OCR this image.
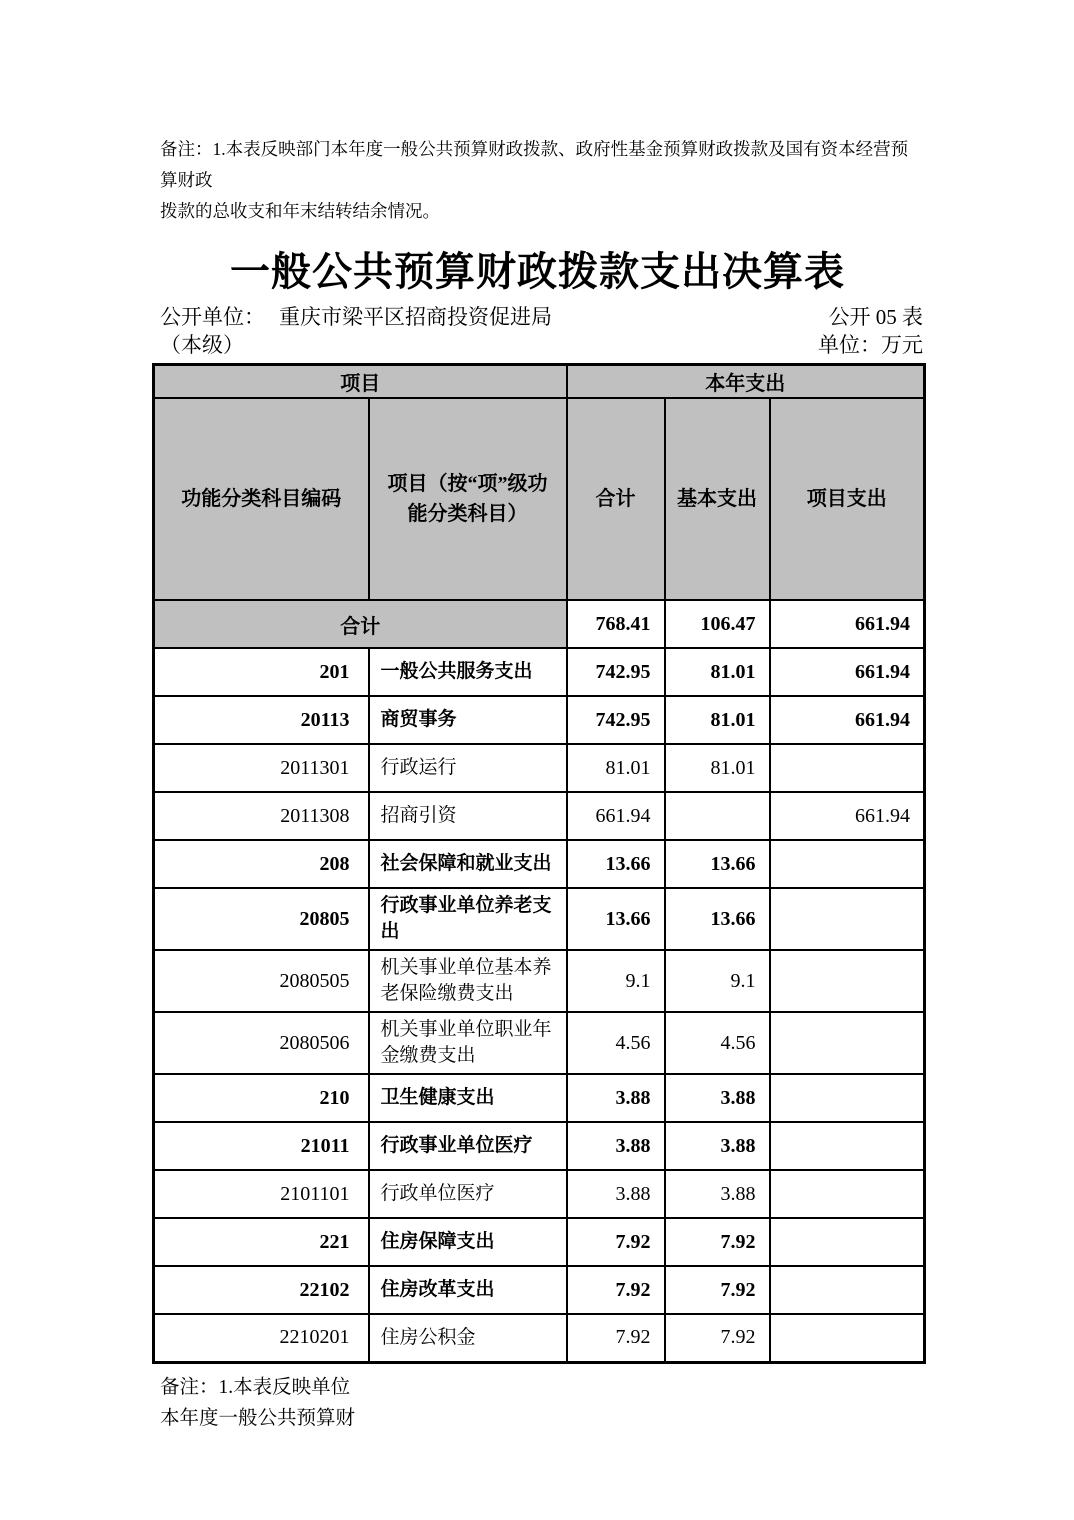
备注：1.本表反映部门本年度一般公共预算财政拨款、政府性基金预算财政拨款及国有资本经营预算财政
拨款的总收支和年末结转结余情况。
一般公共预算财政拨款支出决算表
公开单位： 重庆市梁平区招商投资促进局	公开 05 表
（本级）	单位：万元
项目		本年支出		
功能分类科目编码	项目（按“项”级功能分类科目）	合计	基本支出	项目支出
合计		768.41	106.47	661.94
201	一般公共服务支出	742.95	81.01	661.94
20113	商贸事务	742.95	81.01	661.94
2011301	行政运行	81.01	81.01	
2011308	招商引资	661.94		661.94
208	社会保障和就业支出	13.66	13.66	
20805	行政事业单位养老支出	13.66	13.66	
2080505	机关事业单位基本养老保险缴费支出	9.1	9.1	
2080506	机关事业单位职业年金缴费支出	4.56	4.56	
210	卫生健康支出	3.88	3.88	
21011	行政事业单位医疗	3.88	3.88	
2101101	行政单位医疗	3.88	3.88	
221	住房保障支出	7.92	7.92	
22102	住房改革支出	7.92	7.92	
2210201	住房公积金	7.92	7.92	
备注：1.本表反映单位
本年度一般公共预算财
